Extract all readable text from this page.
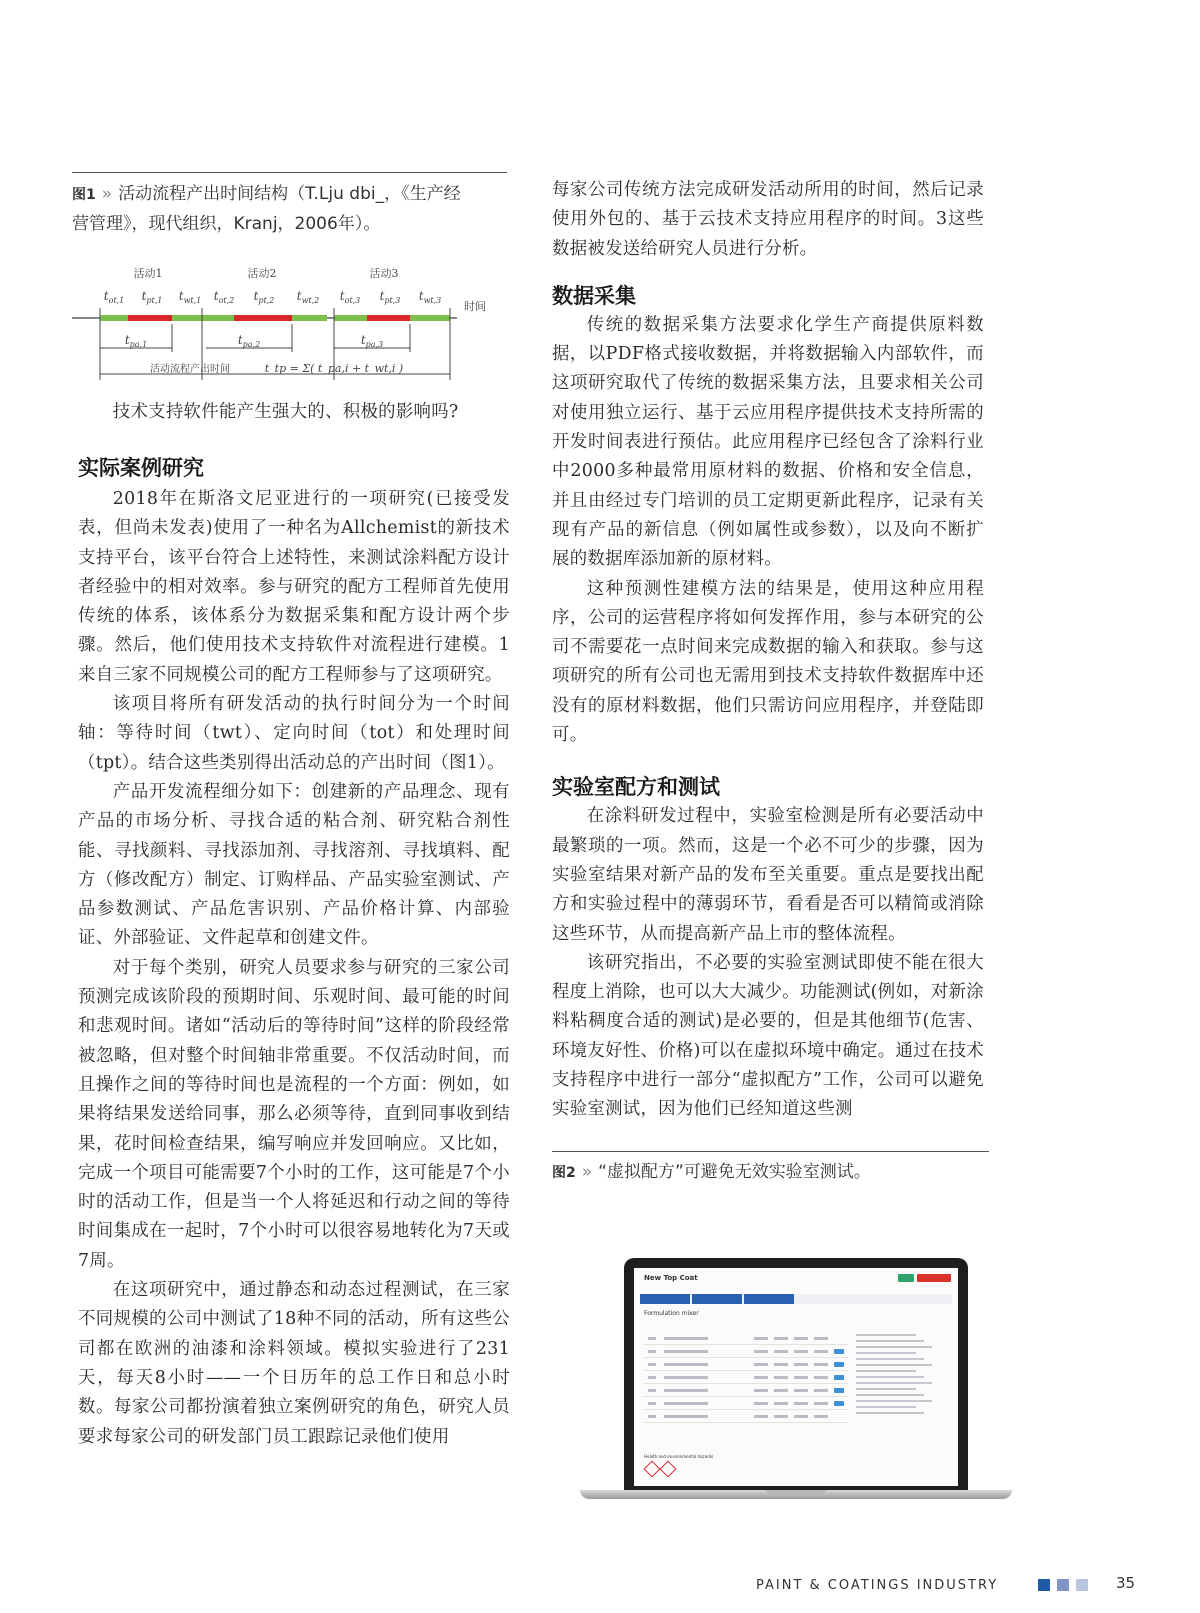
图1 » 活动流程产出时间结构（T.Lju dbi_，《生产经
营管理》，现代组织，Kranj，2006年）。
活动1	活动2	活动3
$t_{ot,1}$ $t_{pt,1}$ $t_{wt,1}$ $t_{ot,2}$ $t_{pt,2}$ $t_{wt,2}$ $t_{ot,3}$ $t_{pt,3}$ $t_{wt,3}$ 时间
$t_{pa,1}$	$t_{pa,2}$	$t_{pa,3}$
活动流程产出时间	t_tp = Σ( t_pa,i + t_wt,i )

技术支持软件能产生强大的、积极的影响吗?

实际案例研究

2018年在斯洛文尼亚进行的一项研究(已接受发表，但尚未发表)使用了一种名为Allchemist的新技术支持平台，该平台符合上述特性，来测试涂料配方设计者经验中的相对效率。参与研究的配方工程师首先使用传统的体系，该体系分为数据采集和配方设计两个步骤。然后，他们使用技术支持软件对流程进行建模。1来自三家不同规模公司的配方工程师参与了这项研究。

该项目将所有研发活动的执行时间分为一个时间轴：等待时间（twt）、定向时间（tot）和处理时间（tpt）。结合这些类别得出活动总的产出时间（图1）。

产品开发流程细分如下：创建新的产品理念、现有产品的市场分析、寻找合适的粘合剂、研究粘合剂性能、寻找颜料、寻找添加剂、寻找溶剂、寻找填料、配方（修改配方）制定、订购样品、产品实验室测试、产品参数测试、产品危害识别、产品价格计算、内部验证、外部验证、文件起草和创建文件。

对于每个类别，研究人员要求参与研究的三家公司预测完成该阶段的预期时间、乐观时间、最可能的时间和悲观时间。诸如“活动后的等待时间”这样的阶段经常被忽略，但对整个时间轴非常重要。不仅活动时间，而且操作之间的等待时间也是流程的一个方面：例如，如果将结果发送给同事，那么必须等待，直到同事收到结果，花时间检查结果，编写响应并发回响应。又比如，完成一个项目可能需要7个小时的工作，这可能是7个小时的活动工作，但是当一个人将延迟和行动之间的等待时间集成在一起时，7个小时可以很容易地转化为7天或7周。

在这项研究中，通过静态和动态过程测试，在三家不同规模的公司中测试了18种不同的活动，所有这些公司都在欧洲的油漆和涂料领域。模拟实验进行了231天，每天8小时——一个日历年的总工作日和总小时数。每家公司都扮演着独立案例研究的角色，研究人员要求每家公司的研发部门员工跟踪记录他们使用

每家公司传统方法完成研发活动所用的时间，然后记录使用外包的、基于云技术支持应用程序的时间。3这些数据被发送给研究人员进行分析。

数据采集

传统的数据采集方法要求化学生产商提供原料数据，以PDF格式接收数据，并将数据输入内部软件，而这项研究取代了传统的数据采集方法，且要求相关公司对使用独立运行、基于云应用程序提供技术支持所需的开发时间表进行预估。此应用程序已经包含了涂料行业中2000多种最常用原材料的数据、价格和安全信息，并且由经过专门培训的员工定期更新此程序，记录有关现有产品的新信息（例如属性或参数），以及向不断扩展的数据库添加新的原材料。

这种预测性建模方法的结果是，使用这种应用程序，公司的运营程序将如何发挥作用，参与本研究的公司不需要花一点时间来完成数据的输入和获取。参与这项研究的所有公司也无需用到技术支持软件数据库中还没有的原材料数据，他们只需访问应用程序，并登陆即可。

实验室配方和测试

在涂料研发过程中，实验室检测是所有必要活动中最繁琐的一项。然而，这是一个必不可少的步骤，因为实验室结果对新产品的发布至关重要。重点是要找出配方和实验过程中的薄弱环节，看看是否可以精简或消除这些环节，从而提高新产品上市的整体流程。

该研究指出，不必要的实验室测试即使不能在很大程度上消除，也可以大大减少。功能测试(例如，对新涂料粘稠度合适的测试)是必要的，但是其他细节(危害、环境友好性、价格)可以在虚拟环境中确定。通过在技术支持程序中进行一部分“虚拟配方”工作，公司可以避免实验室测试，因为他们已经知道这些测

图2 » “虚拟配方”可避免无效实验室测试。
New Top Coat
Formulation mixer
Health and environmental hazards
PAINT & COATINGS INDUSTRY	35
